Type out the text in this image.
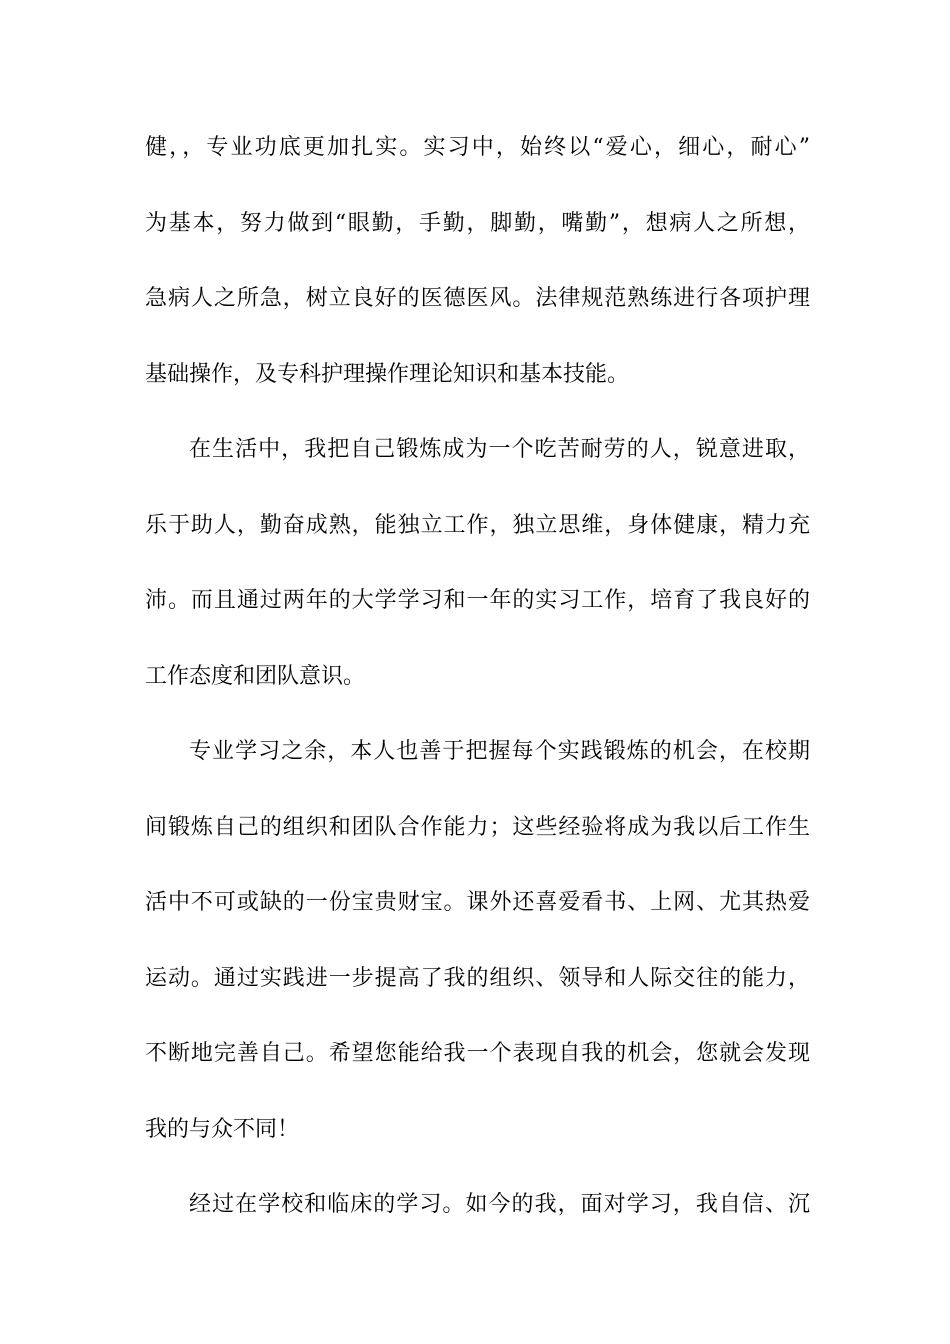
健，，专业功底更加扎实。实习中，始终以“爱心，细心，耐心”
为基本，努力做到“眼勤，手勤，脚勤，嘴勤”，想病人之所想，
急病人之所急，树立良好的医德医风。法律规范熟练进行各项护理
基础操作，及专科护理操作理论知识和基本技能。
在生活中，我把自己锻炼成为一个吃苦耐劳的人，锐意进取，
乐于助人，勤奋成熟，能独立工作，独立思维，身体健康，精力充
沛。而且通过两年的大学学习和一年的实习工作，培育了我良好的
工作态度和团队意识。
专业学习之余，本人也善于把握每个实践锻炼的机会，在校期
间锻炼自己的组织和团队合作能力；这些经验将成为我以后工作生
活中不可或缺的一份宝贵财宝。课外还喜爱看书、上网、尤其热爱
运动。通过实践进一步提高了我的组织、领导和人际交往的能力，
不断地完善自己。希望您能给我一个表现自我的机会，您就会发现
我的与众不同！
经过在学校和临床的学习。如今的我，面对学习，我自信、沉
